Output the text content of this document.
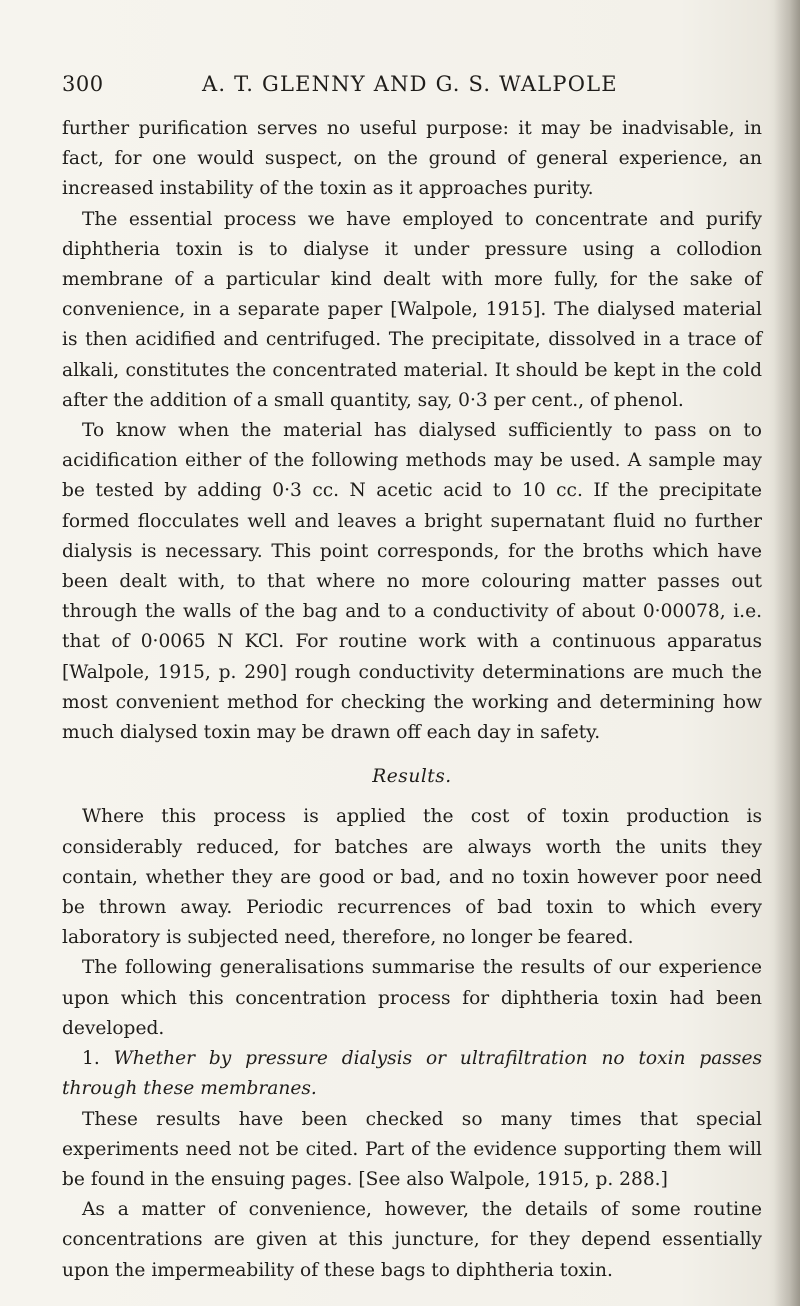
300	A. T. GLENNY AND G. S. WALPOLE

further purification serves no useful purpose: it may be inadvisable, in fact, for one would suspect, on the ground of general experience, an increased instability of the toxin as it approaches purity.

The essential process we have employed to concentrate and purify diphtheria toxin is to dialyse it under pressure using a collodion membrane of a particular kind dealt with more fully, for the sake of convenience, in a separate paper [Walpole, 1915]. The dialysed material is then acidified and centrifuged. The precipitate, dissolved in a trace of alkali, constitutes the concentrated material. It should be kept in the cold after the addition of a small quantity, say, 0·3 per cent., of phenol.

To know when the material has dialysed sufficiently to pass on to acidification either of the following methods may be used. A sample may be tested by adding 0·3 cc. N acetic acid to 10 cc. If the precipitate formed flocculates well and leaves a bright supernatant fluid no further dialysis is necessary. This point corresponds, for the broths which have been dealt with, to that where no more colouring matter passes out through the walls of the bag and to a conductivity of about 0·00078, i.e. that of 0·0065 N KCl. For routine work with a continuous apparatus [Walpole, 1915, p. 290] rough conductivity determinations are much the most convenient method for checking the working and determining how much dialysed toxin may be drawn off each day in safety.

Results.

Where this process is applied the cost of toxin production is considerably reduced, for batches are always worth the units they contain, whether they are good or bad, and no toxin however poor need be thrown away. Periodic recurrences of bad toxin to which every laboratory is subjected need, therefore, no longer be feared.

The following generalisations summarise the results of our experience upon which this concentration process for diphtheria toxin had been developed.

1. Whether by pressure dialysis or ultrafiltration no toxin passes through these membranes.

These results have been checked so many times that special experiments need not be cited. Part of the evidence supporting them will be found in the ensuing pages. [See also Walpole, 1915, p. 288.]

As a matter of convenience, however, the details of some routine concentrations are given at this juncture, for they depend essentially upon the impermeability of these bags to diphtheria toxin.
